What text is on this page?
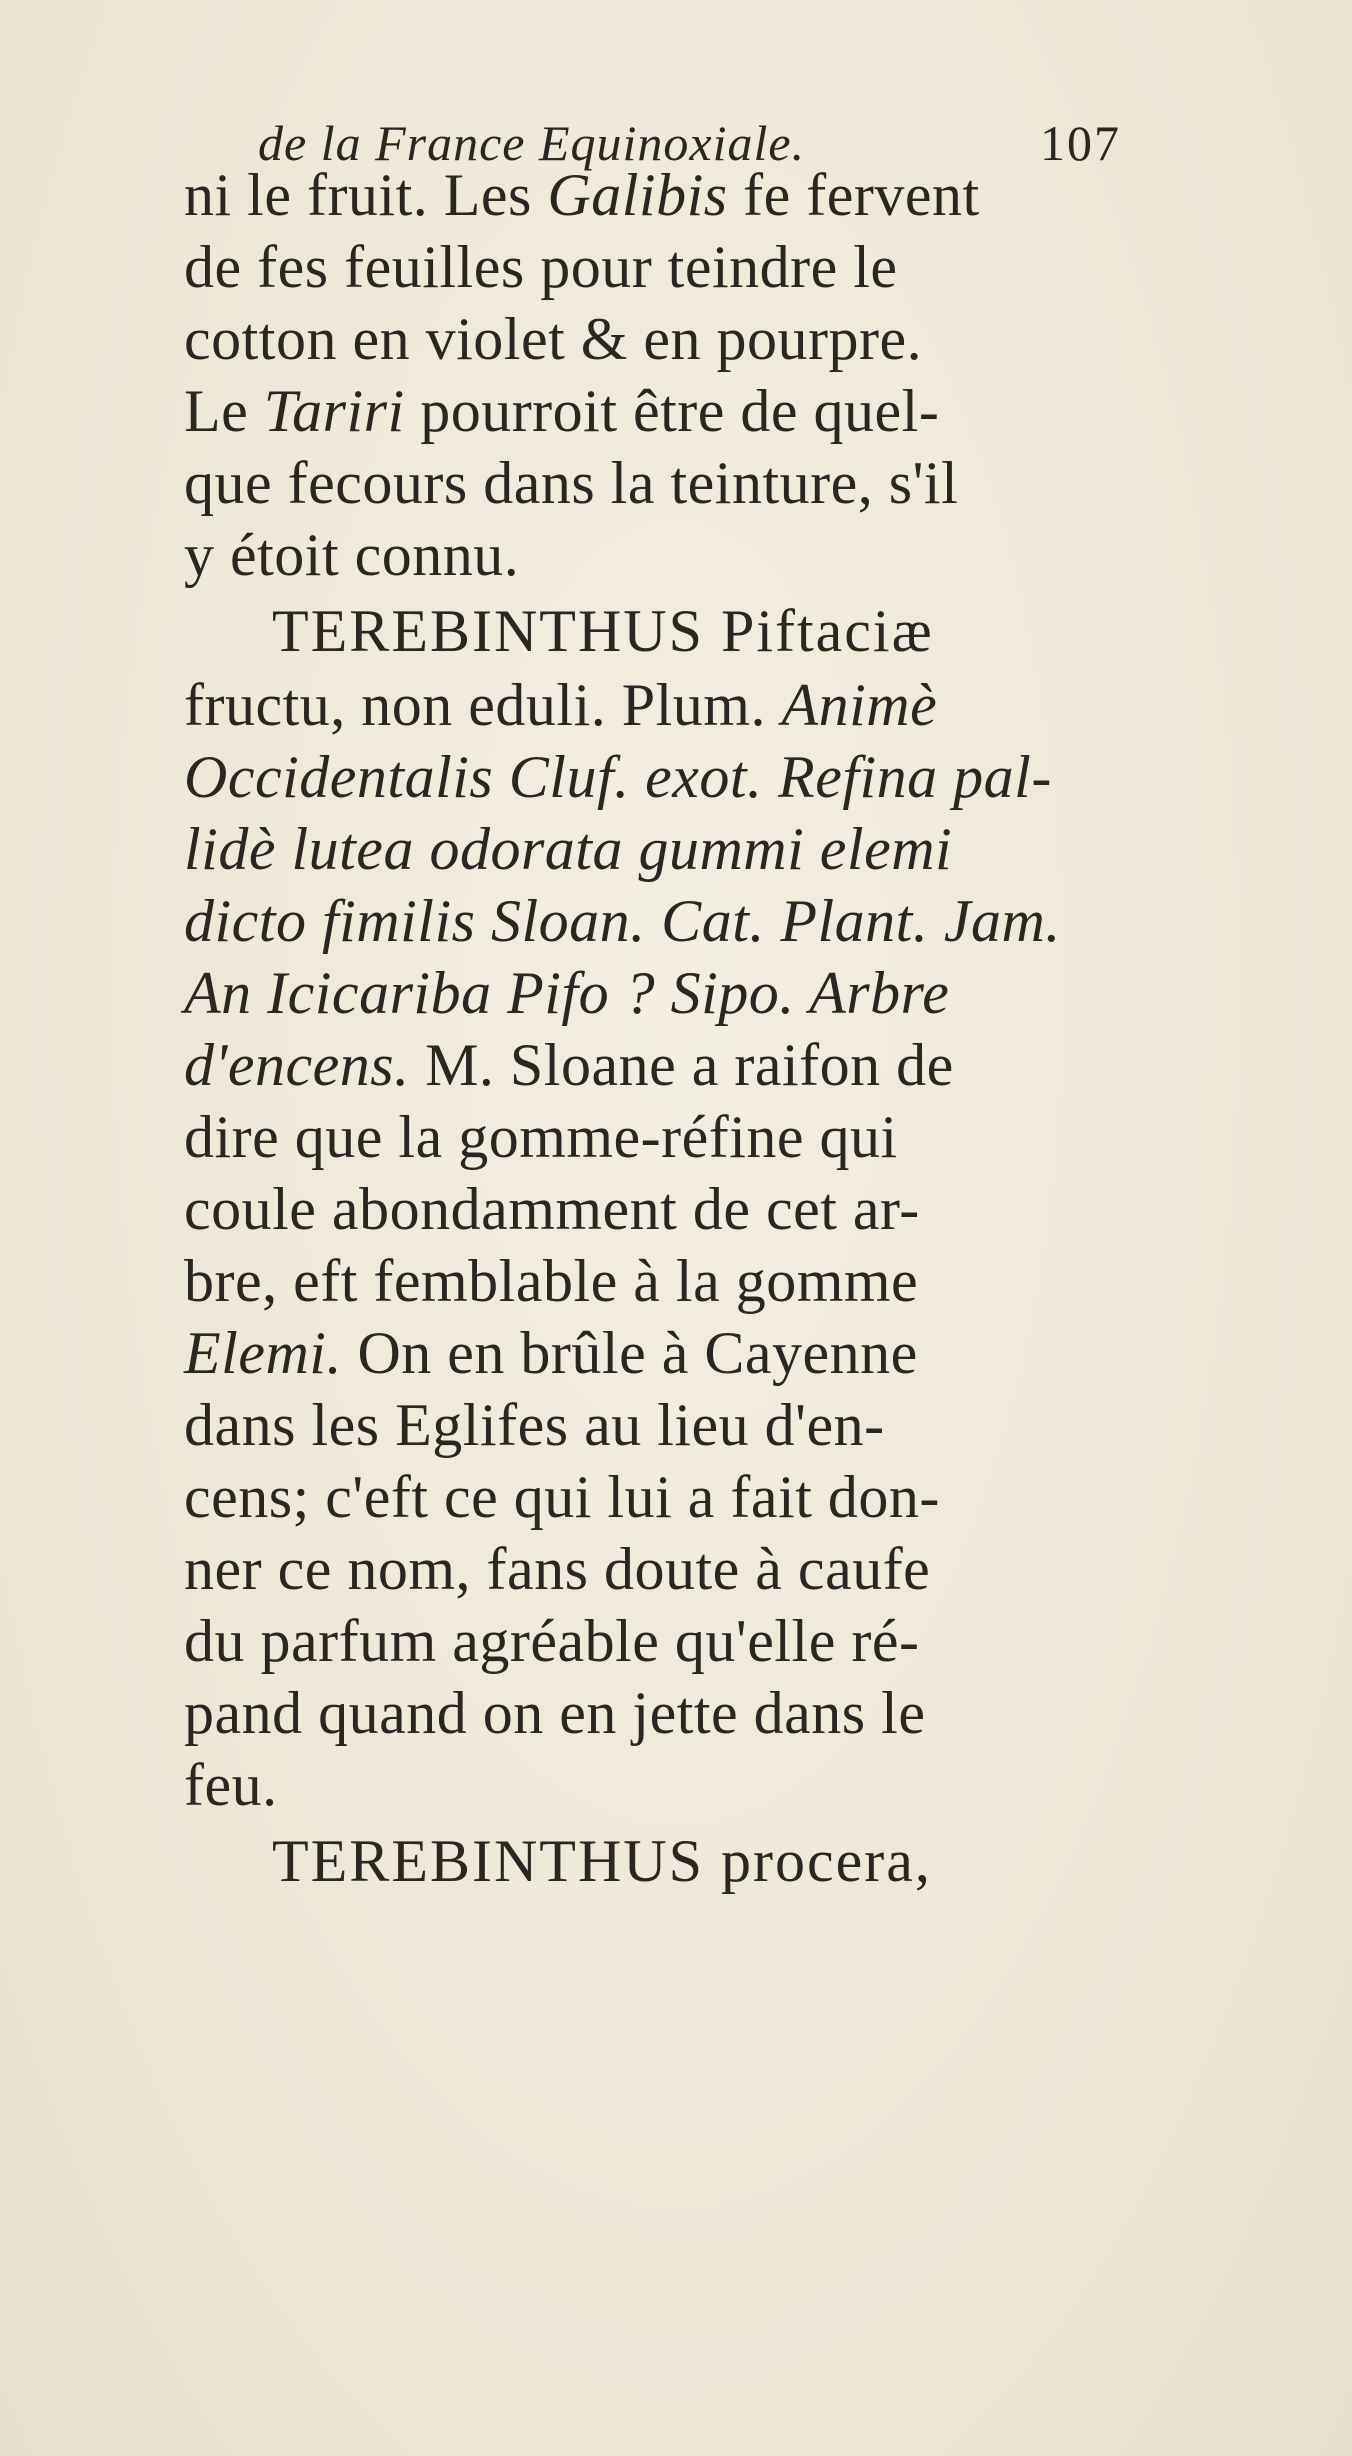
de la France Equinoxiale.	107
ni le fruit. Les Galibis fe fervent
de fes feuilles pour teindre le
cotton en violet & en pourpre.
Le Tariri pourroit être de quel-
que fecours dans la teinture, s'il
y étoit connu.
TEREBINTHUS Piftaciæ
fructu, non eduli. Plum. Animè
Occidentalis Cluf. exot. Refina pal-
lidè lutea odorata gummi elemi
dicto fimilis Sloan. Cat. Plant. Jam.
An Icicariba Pifo ? Sipo. Arbre
d'encens. M. Sloane a raifon de
dire que la gomme-réfine qui
coule abondamment de cet ar-
bre, eft femblable à la gomme
Elemi. On en brûle à Cayenne
dans les Eglifes au lieu d'en-
cens; c'eft ce qui lui a fait don-
ner ce nom, fans doute à caufe
du parfum agréable qu'elle ré-
pand quand on en jette dans le
feu.
TEREBINTHUS procera,
